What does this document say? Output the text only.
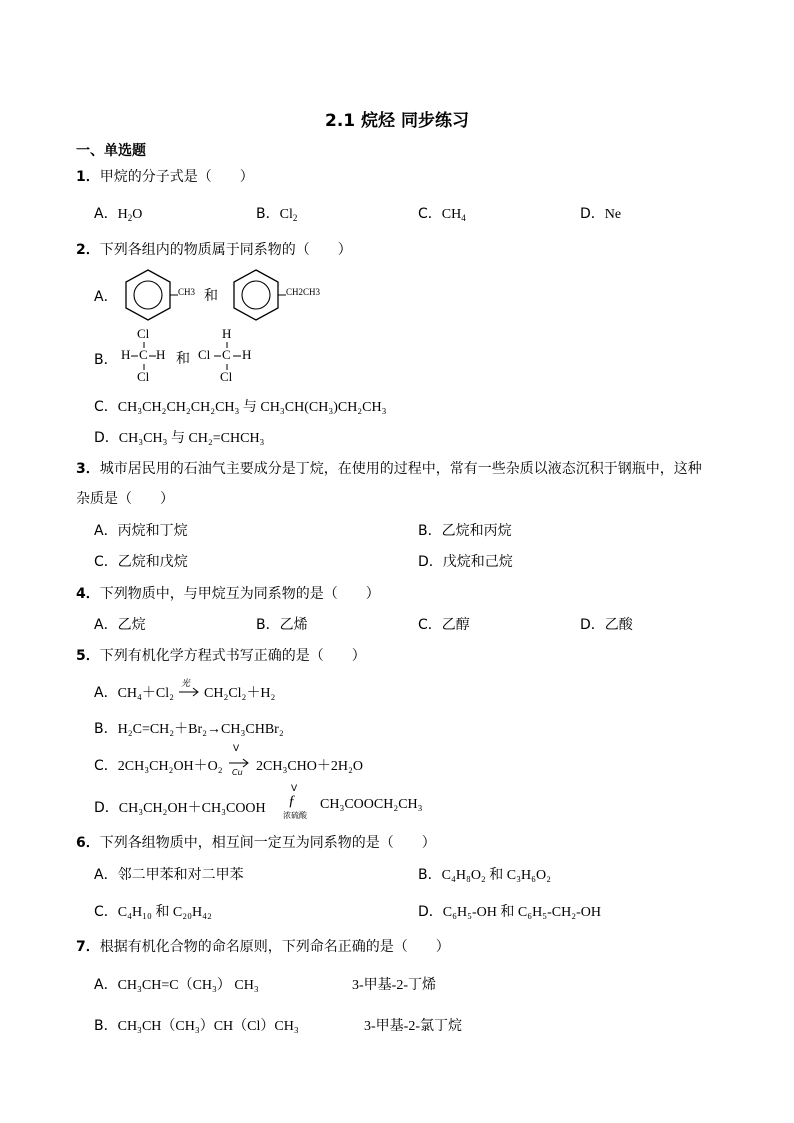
2.1 烷烃 同步练习
一、单选题
1．甲烷的分子式是（　　）
A．$H_2O$	B．$Cl_2$	C．$CH_4$	D．Ne
2．下列各组内的物质属于同系物的（　　）
A．	CH3 和	CH2CH3
B．
Cl
H C H
Cl
和
H
Cl C H
Cl
C．CH₃CH₂CH₂CH₂CH₃ 与 CH₃CH(CH₃)CH₂CH₃
D．CH₃CH₃ 与 CH₂=CHCH₃
3．城市居民用的石油气主要成分是丁烷，在使用的过程中，常有一些杂质以液态沉积于钢瓶中，这种
杂质是（　　）
A．丙烷和丁烷	B．乙烷和丙烷
C．乙烷和戊烷	D．戊烷和己烷
4．下列物质中，与甲烷互为同系物的是（　　）
A．乙烷	B．乙烯	C．乙醇	D．乙酸
5．下列有机化学方程式书写正确的是（　　）
A．CH₄＋Cl₂
光
CH₂Cl₂＋H₂
B．H₂C=CH₂＋Br₂→CH₃CHBr₂
C．2CH₃CH₂OH＋O₂
V
Cu 2CH₃CHO＋2H₂O
D．CH₃CH₂OH＋CH₃COOH
V
ƒ
浓硫酸
CH₃COOCH₂CH₃
6．下列各组物质中，相互间一定互为同系物的是（　　）
A．邻二甲苯和对二甲苯	B．C₄H₈O₂ 和 C₃H₆O₂
C．C₄H₁₀ 和 C₂₀H₄₂	D．C₆H₅-OH 和 C₆H₅-CH₂-OH
7．根据有机化合物的命名原则，下列命名正确的是（　　）
A．CH₃CH=C（CH₃） CH₃	3-甲基-2-丁烯
B．CH₃CH（CH₃）CH（Cl）CH₃	3-甲基-2-氯丁烷
